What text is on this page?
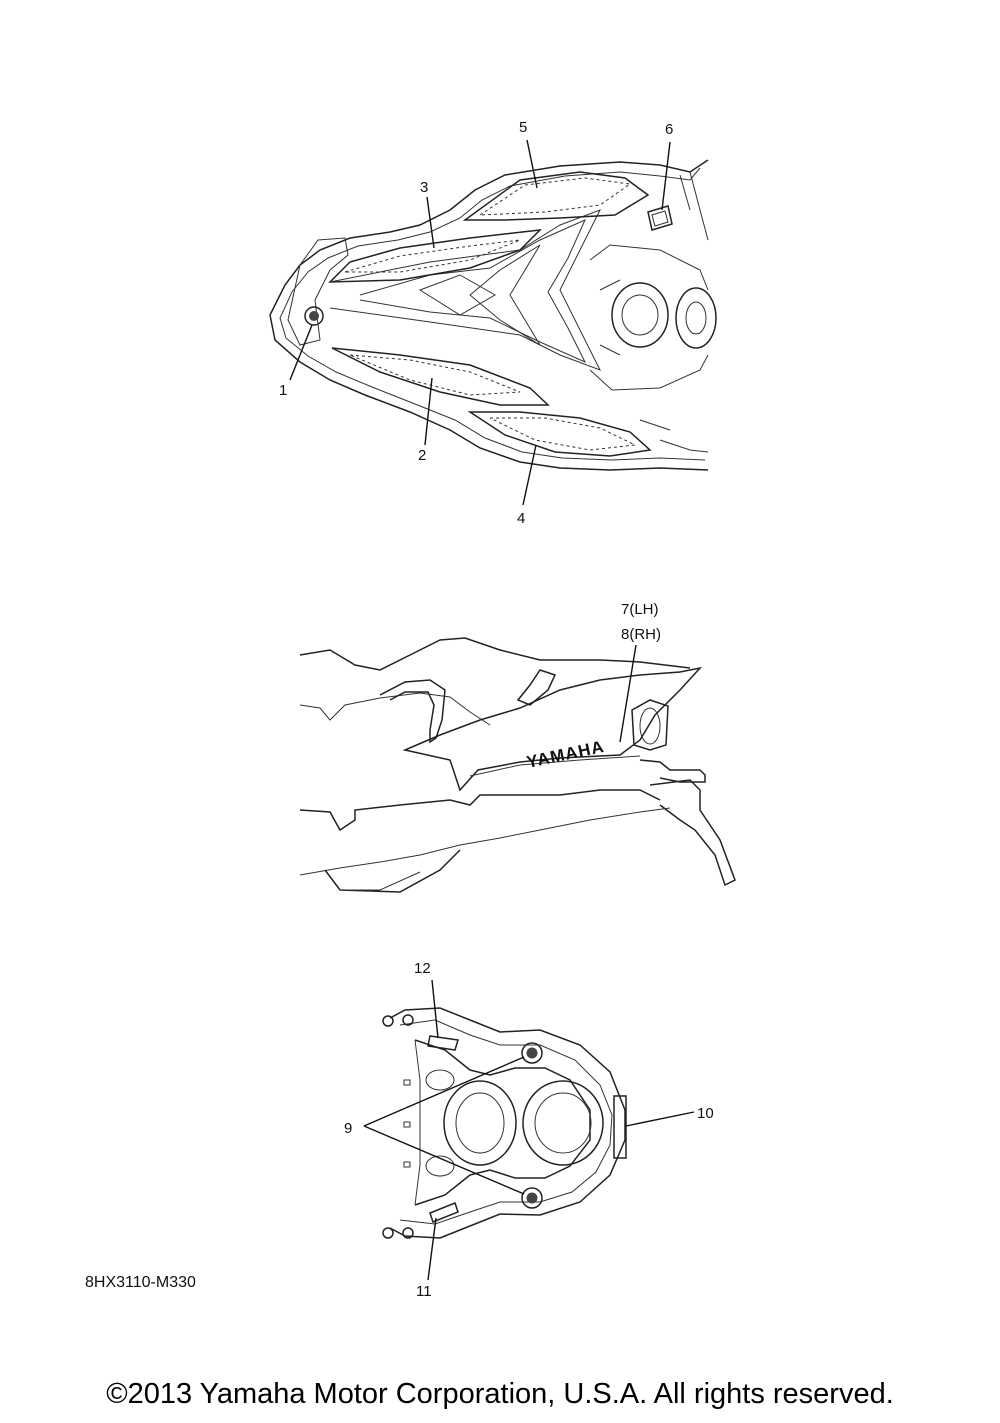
1
2
3
4
5	6
YAMAHA
7(LH)
8(RH)
12
9
10
11
8HX3110-M330
©2013 Yamaha Motor Corporation, U.S.A. All rights reserved.
